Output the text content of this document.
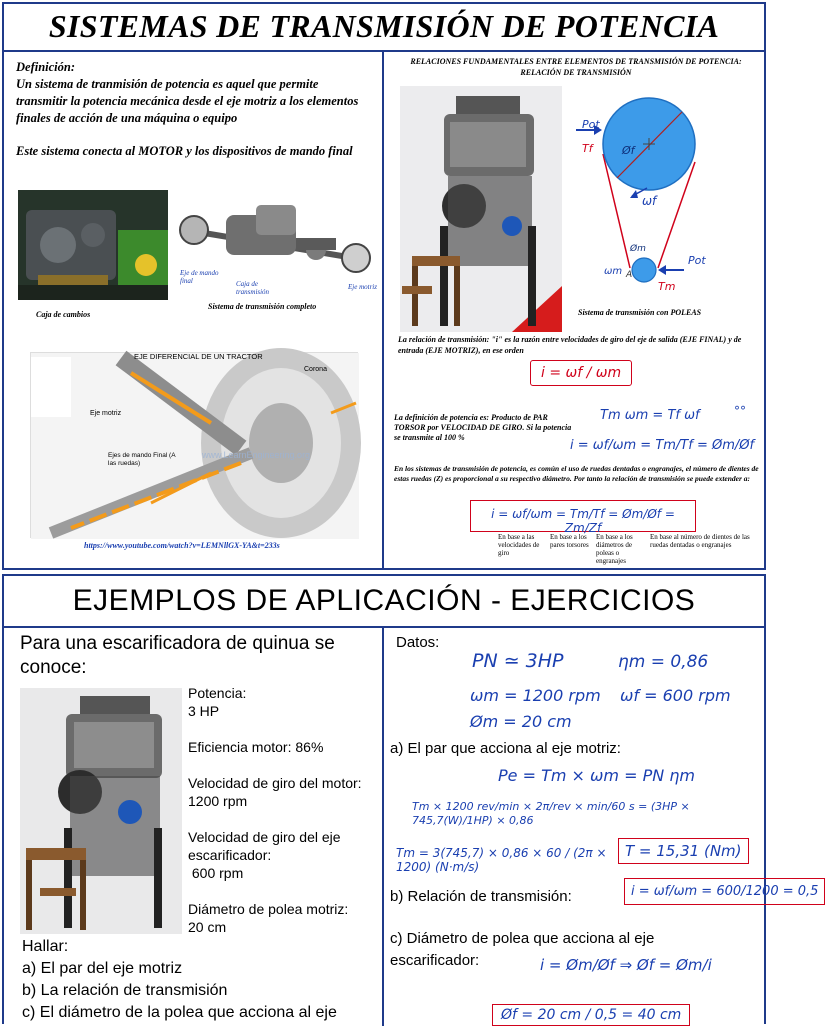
SISTEMAS DE TRANSMISIÓN DE POTENCIA
Definición:
Un sistema de tranmisión de potencia es aquel que permite transmitir la potencia mecánica desde el eje motriz a los elementos finales de acción de una máquina o equipo
Este sistema conecta al MOTOR y los dispositivos de mando final
Caja de cambios
Eje de mando final	Caja de transmisión
Eje motriz
Sistema de transmisión completo
EJE DIFERENCIAL DE UN TRACTOR
Corona
Eje motriz
Ejes de mando Final (A las ruedas)
www.LearnEngineering.org
https://www.youtube.com/watch?v=LEMNllGX-YA&t=233s
RELACIONES FUNDAMENTALES ENTRE ELEMENTOS DE TRANSMISIÓN DE POTENCIA: RELACIÓN DE TRANSMISIÓN
Pot
Tf	Øf
ωf
Øm
ωm A
Pot
Tm
Sistema de transmisión con POLEAS
La relación de transmisión: "i" es la razón entre velocidades de giro del eje de salida (EJE FINAL) y de entrada (EJE MOTRIZ), en ese orden
i = ωf / ωm
La definición de potencia es: Producto de PAR TORSOR por VELOCIDAD DE GIRO. Si la potencia se transmite al 100 %
Tm ωm = Tf ωf	°°
i = ωf/ωm = Tm/Tf = Øm/Øf
En los sistemas de transmisión de potencia, es común el uso de ruedas dentadas o engranajes, el número de dientes de estas ruedas (Z) es proporcional a su respectivo diámetro. Por tanto la relación de transmisión se puede extender a:
i = ωf/ωm = Tm/Tf = Øm/Øf = Zm/Zf
En base a las velocidades de giro
En base a los pares torsores
En base a los diámetros de poleas o engranajes
En base al número de dientes de las ruedas dentadas o engranajes
EJEMPLOS DE APLICACIÓN - EJERCICIOS
Para una escarificadora de quinua se conoce:
Potencia:
3 HP
Eficiencia motor: 86%
Velocidad de giro del motor:
1200 rpm
Velocidad de giro del eje escarificador:
600 rpm
Diámetro de polea motriz:
20 cm
Hallar:
a) El par del eje motriz
b) La relación de transmisión
c) El diámetro de la polea que acciona al eje
Datos:
PN ≃ 3HP	ηm = 0,86
ωm = 1200 rpm ωf = 600 rpm
Øm = 20 cm
a) El par que acciona al eje motriz:
Pe = Tm × ωm = PN ηm
Tm × 1200 rev/min × 2π/rev × min/60 s = (3HP × 745,7(W)/1HP) × 0,86
Tm = 3(745,7) × 0,86 × 60 / (2π × 1200) (N·m/s)
T = 15,31 (Nm)
b) Relación de transmisión:	i = ωf/ωm = 600/1200 = 0,5
c) Diámetro de polea que acciona al eje escarificador:	i = Øm/Øf ⇒ Øf = Øm/i
Øf = 20 cm / 0,5 = 40 cm
